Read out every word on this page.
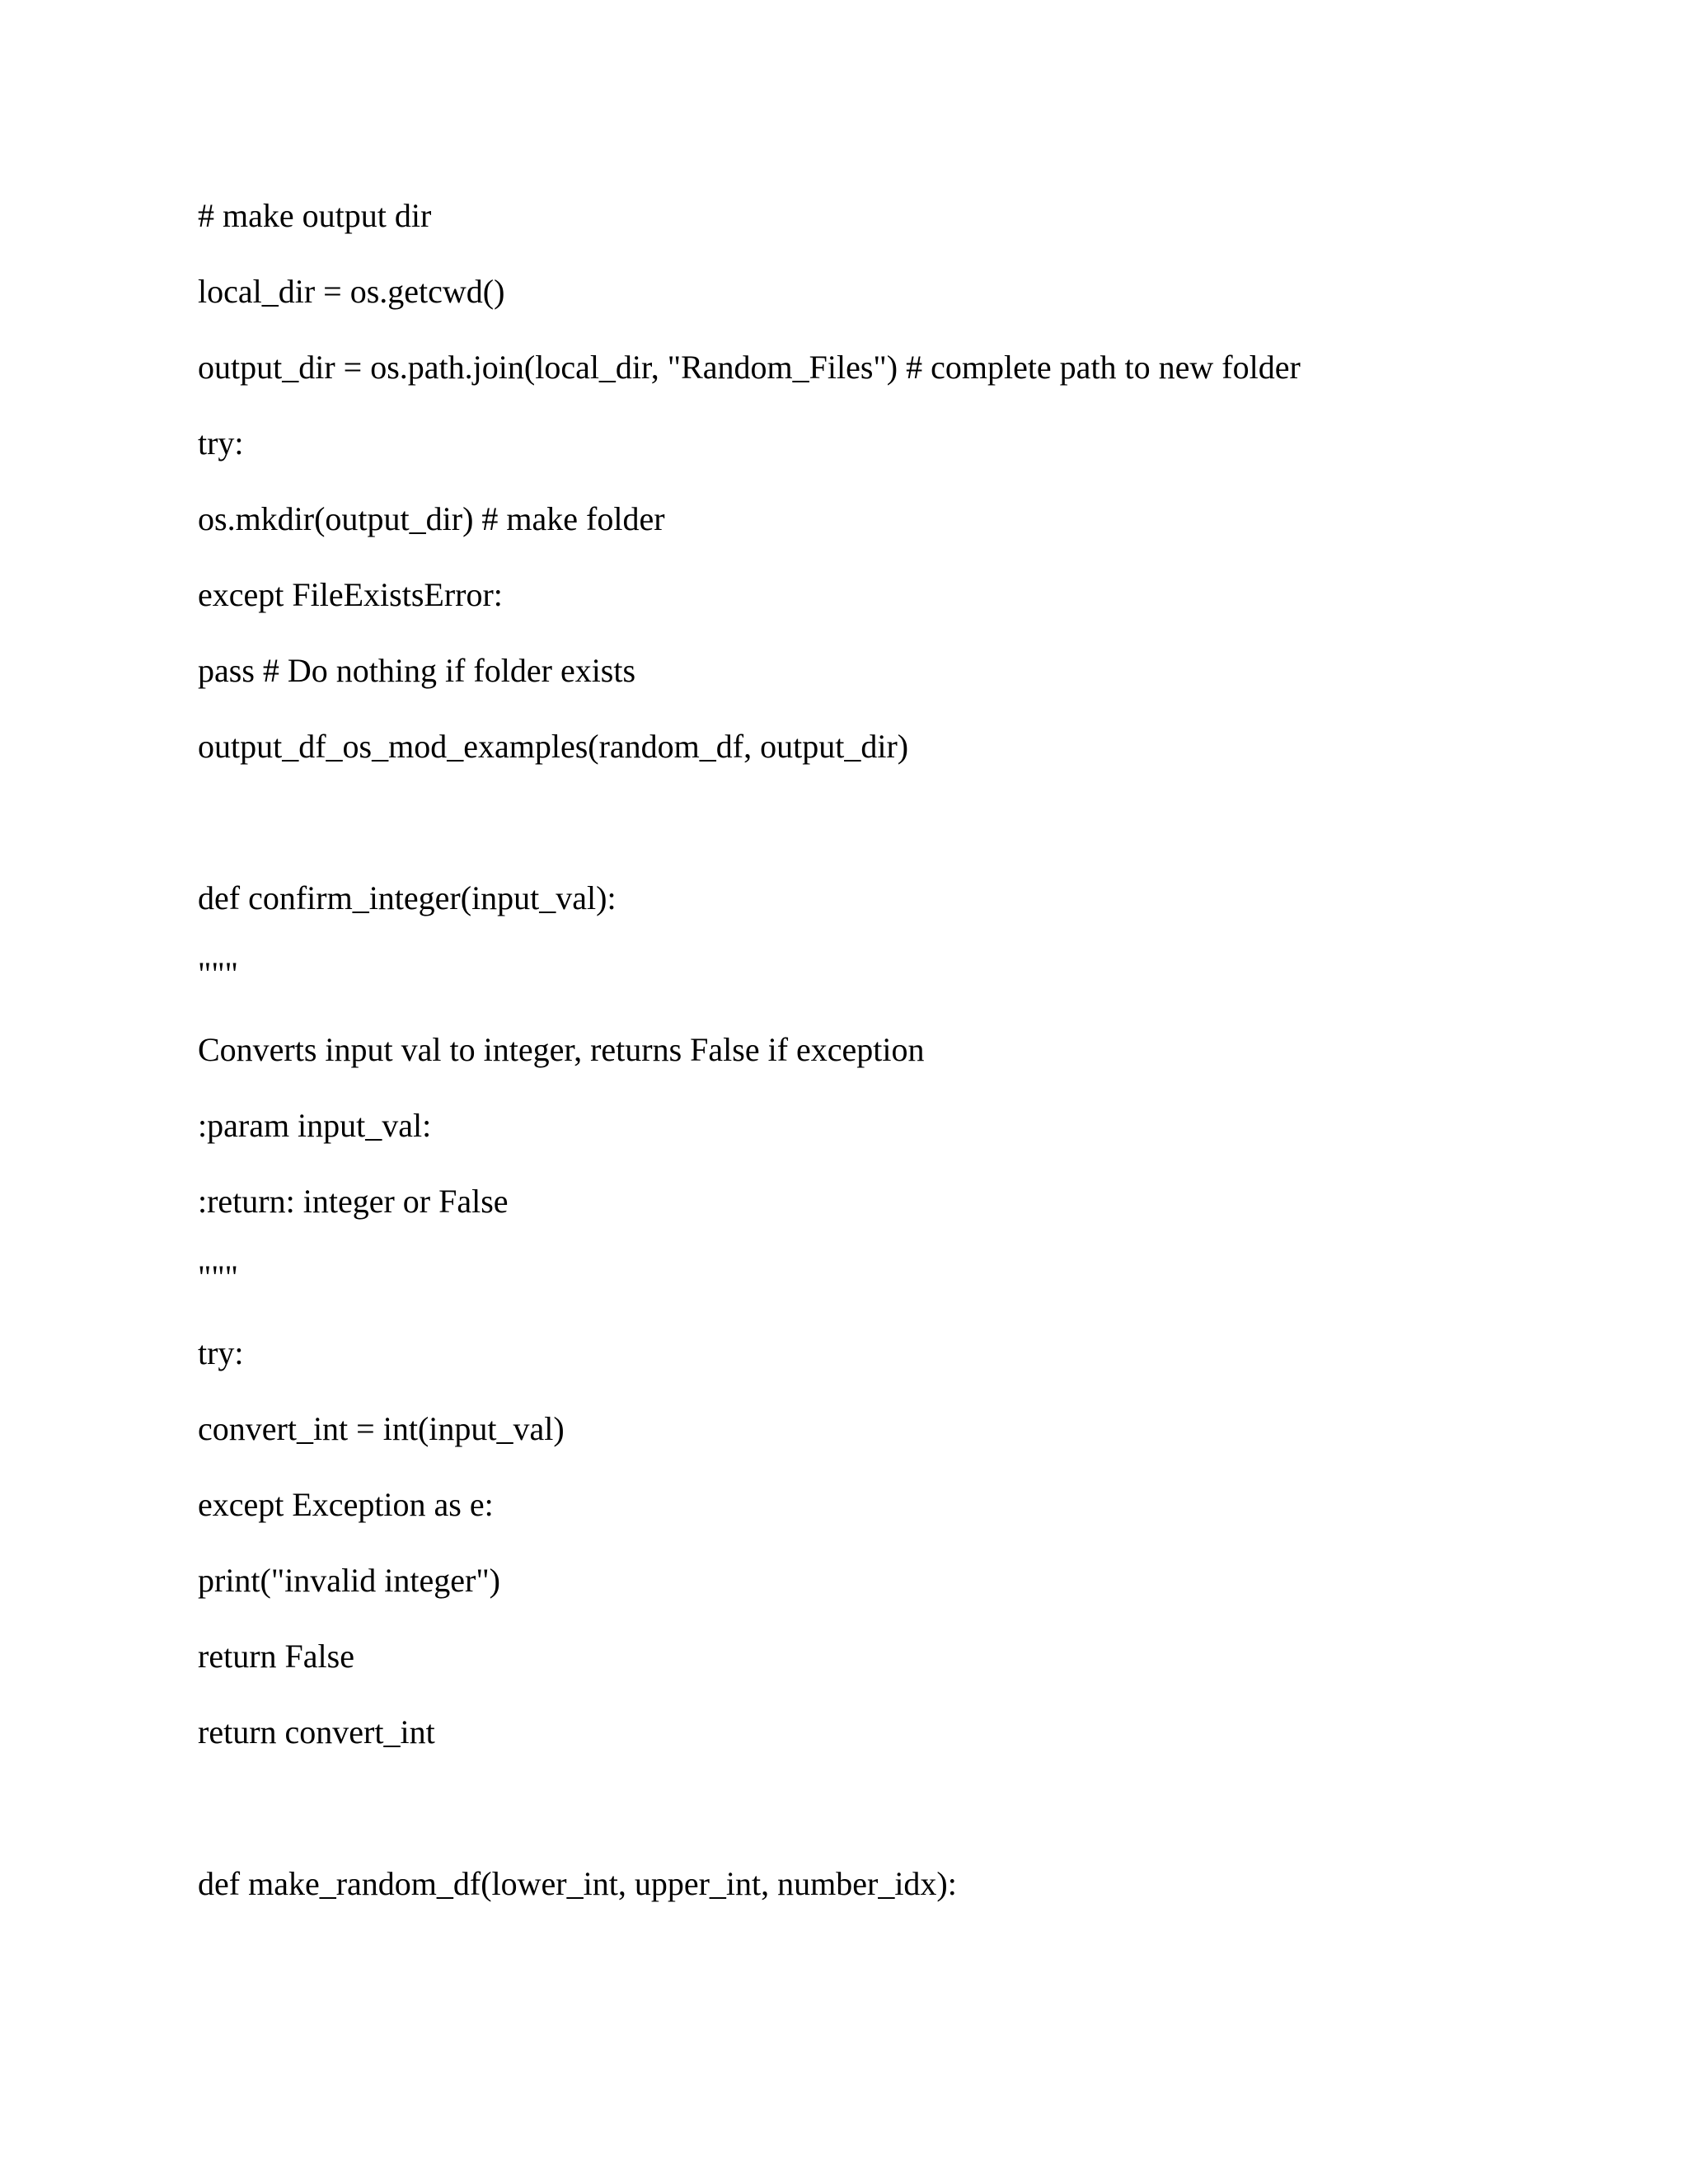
# make output dir
local_dir = os.getcwd()
output_dir = os.path.join(local_dir, "Random_Files") # complete path to new folder
try:
os.mkdir(output_dir) # make folder
except FileExistsError:
pass # Do nothing if folder exists
output_df_os_mod_examples(random_df, output_dir)
def confirm_integer(input_val):
"""
Converts input val to integer, returns False if exception
:param input_val:
:return: integer or False
"""
try:
convert_int = int(input_val)
except Exception as e:
print("invalid integer")
return False
return convert_int
def make_random_df(lower_int, upper_int, number_idx):
